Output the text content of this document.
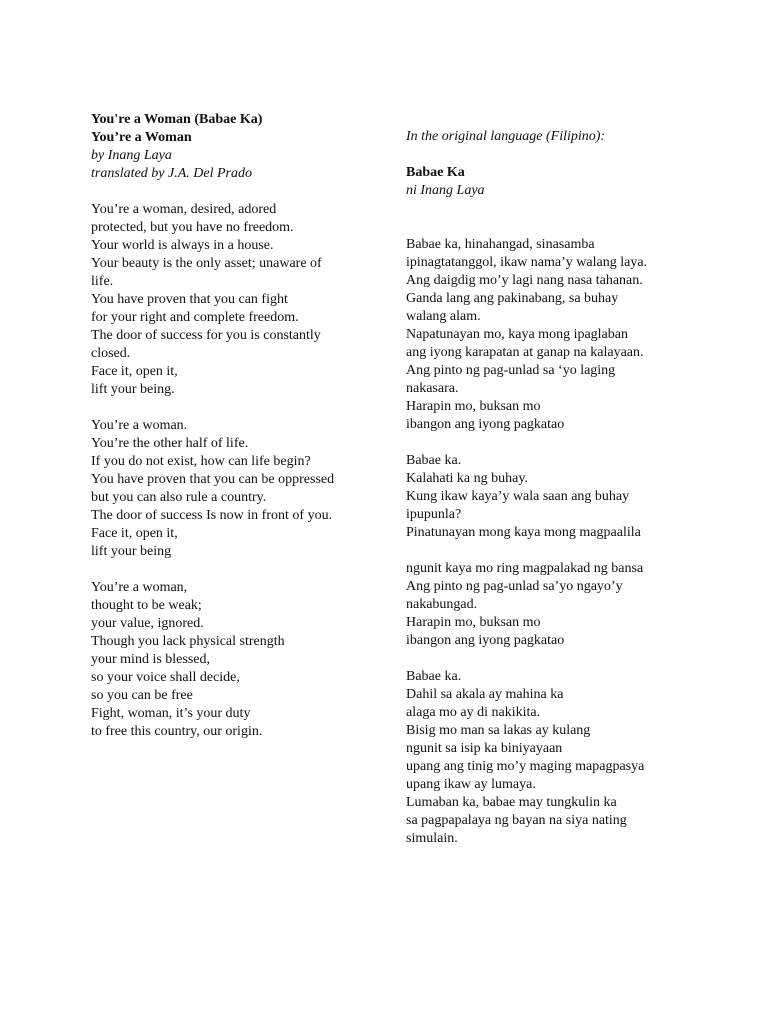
You're a Woman (Babae Ka)
You’re a Woman
by Inang Laya
translated by J.A. Del Prado
You’re a woman, desired, adored
protected, but you have no freedom.
Your world is always in a house.
Your beauty is the only asset; unaware of
life.
You have proven that you can fight
for your right and complete freedom.
The door of success for you is constantly
closed.
Face it, open it,
lift your being.
You’re a woman.
You’re the other half of life.
If you do not exist, how can life begin?
You have proven that you can be oppressed
but you can also rule a country.
The door of success Is now in front of you.
Face it, open it,
lift your being
You’re a woman,
thought to be weak;
your value, ignored.
Though you lack physical strength
your mind is blessed,
so your voice shall decide,
so you can be free
Fight, woman, it’s your duty
to free this country, our origin.
In the original language (Filipino):
Babae Ka
ni Inang Laya
Babae ka, hinahangad, sinasamba
ipinagtatanggol, ikaw nama’y walang laya.
Ang daigdig mo’y lagi nang nasa tahanan.
Ganda lang ang pakinabang, sa buhay
walang alam.
Napatunayan mo, kaya mong ipaglaban
ang iyong karapatan at ganap na kalayaan.
Ang pinto ng pag-unlad sa ‘yo laging
nakasara.
Harapin mo, buksan mo
ibangon ang iyong pagkatao
Babae ka.
Kalahati ka ng buhay.
Kung ikaw kaya’y wala saan ang buhay
ipupunla?
Pinatunayan mong kaya mong magpaalila
ngunit kaya mo ring magpalakad ng bansa
Ang pinto ng pag-unlad sa’yo ngayo’y
nakabungad.
Harapin mo, buksan mo
ibangon ang iyong pagkatao
Babae ka.
Dahil sa akala ay mahina ka
alaga mo ay di nakikita.
Bisig mo man sa lakas ay kulang
ngunit sa isip ka biniyayaan
upang ang tinig mo’y maging mapagpasya
upang ikaw ay lumaya.
Lumaban ka, babae may tungkulin ka
sa pagpapalaya ng bayan na siya nating
simulain.
